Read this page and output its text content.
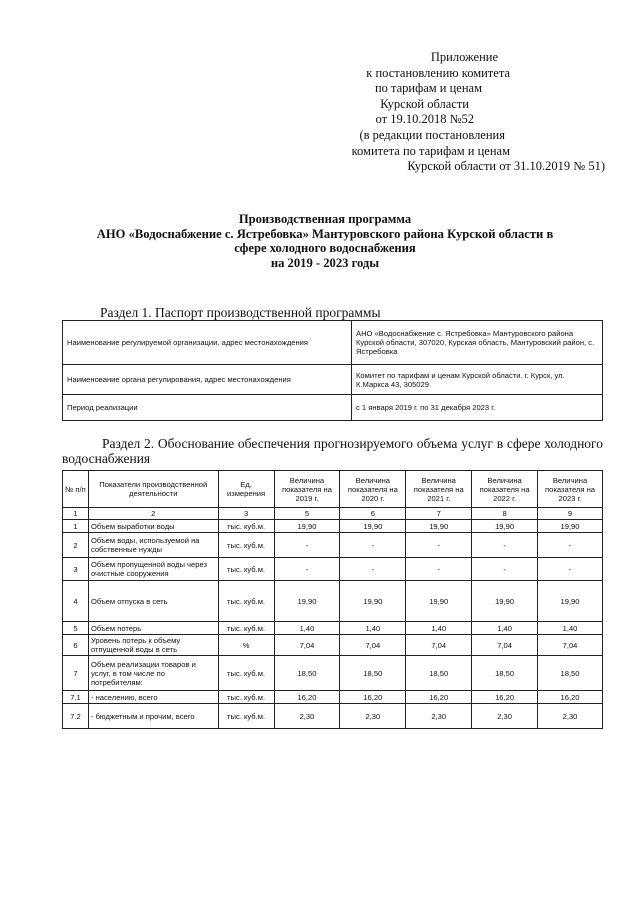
Приложение
к постановлению комитета
по тарифам и ценам
Курской области
от 19.10.2018 №52
(в редакции постановления
комитета по тарифам и ценам
Курской области от 31.10.2019 № 51)
Производственная программа
АНО «Водоснабжение с. Ястребовка» Мантуровского района Курской области в
сфере холодного водоснабжения
на 2019 - 2023 годы
Раздел 1. Паспорт производственной программы
Наименование регулируемой организации, адрес местонахождения	АНО «Водоснабжение с. Ястребовка» Мантуровского района Курской области, 307020, Курская область, Мантуровский район, с. Ястребовка
Наименование органа регулирования, адрес местонахождения	Комитет по тарифам и ценам Курской области. г. Курск, ул. К.Маркса 43, 305029
Период реализации	с 1 января 2019 г. по 31 декабря 2023 г.
Раздел 2. Обоснование обеспечения прогнозируемого объема услуг в сфере холодного водоснабжения
№ п/п	Показатели производственной деятельности	Ед. измерения	Величина показателя на 2019 г.	Величина показателя на 2020 г.	Величина показателя на 2021 г.	Величина показателя на 2022 г.	Величина показателя на 2023 г.
1	2	3	5	6	7	8	9
1	Объем выработки воды	тыс. куб.м.	19,90	19,90	19,90	19,90	19,90
2	Объем воды, используемой на собственные нужды	тыс. куб.м.	-	-	-	-	-
3	Объем пропущенной воды через очистные сооружения	тыс. куб.м.	-	-	-	-	-
4	Объем отпуска в сеть	тыс. куб.м.	19,90	19,90	19,90	19,90	19,90
5	Объем потерь	тыс. куб.м.	1,40	1,40	1,40	1,40	1,40
6	Уровень потерь к объему отпущенной воды в сеть	%	7,04	7,04	7,04	7,04	7,04
7	Объем реализации товаров и услуг, в том числе по потребителям:	тыс. куб.м.	18,50	18,50	18,50	18,50	18,50
7.1	- населению, всего	тыс. куб.м.	16,20	16,20	16,20	16,20	16,20
7.2	- бюджетным и прочим, всего	тыс. куб.м.	2,30	2,30	2,30	2,30	2,30
